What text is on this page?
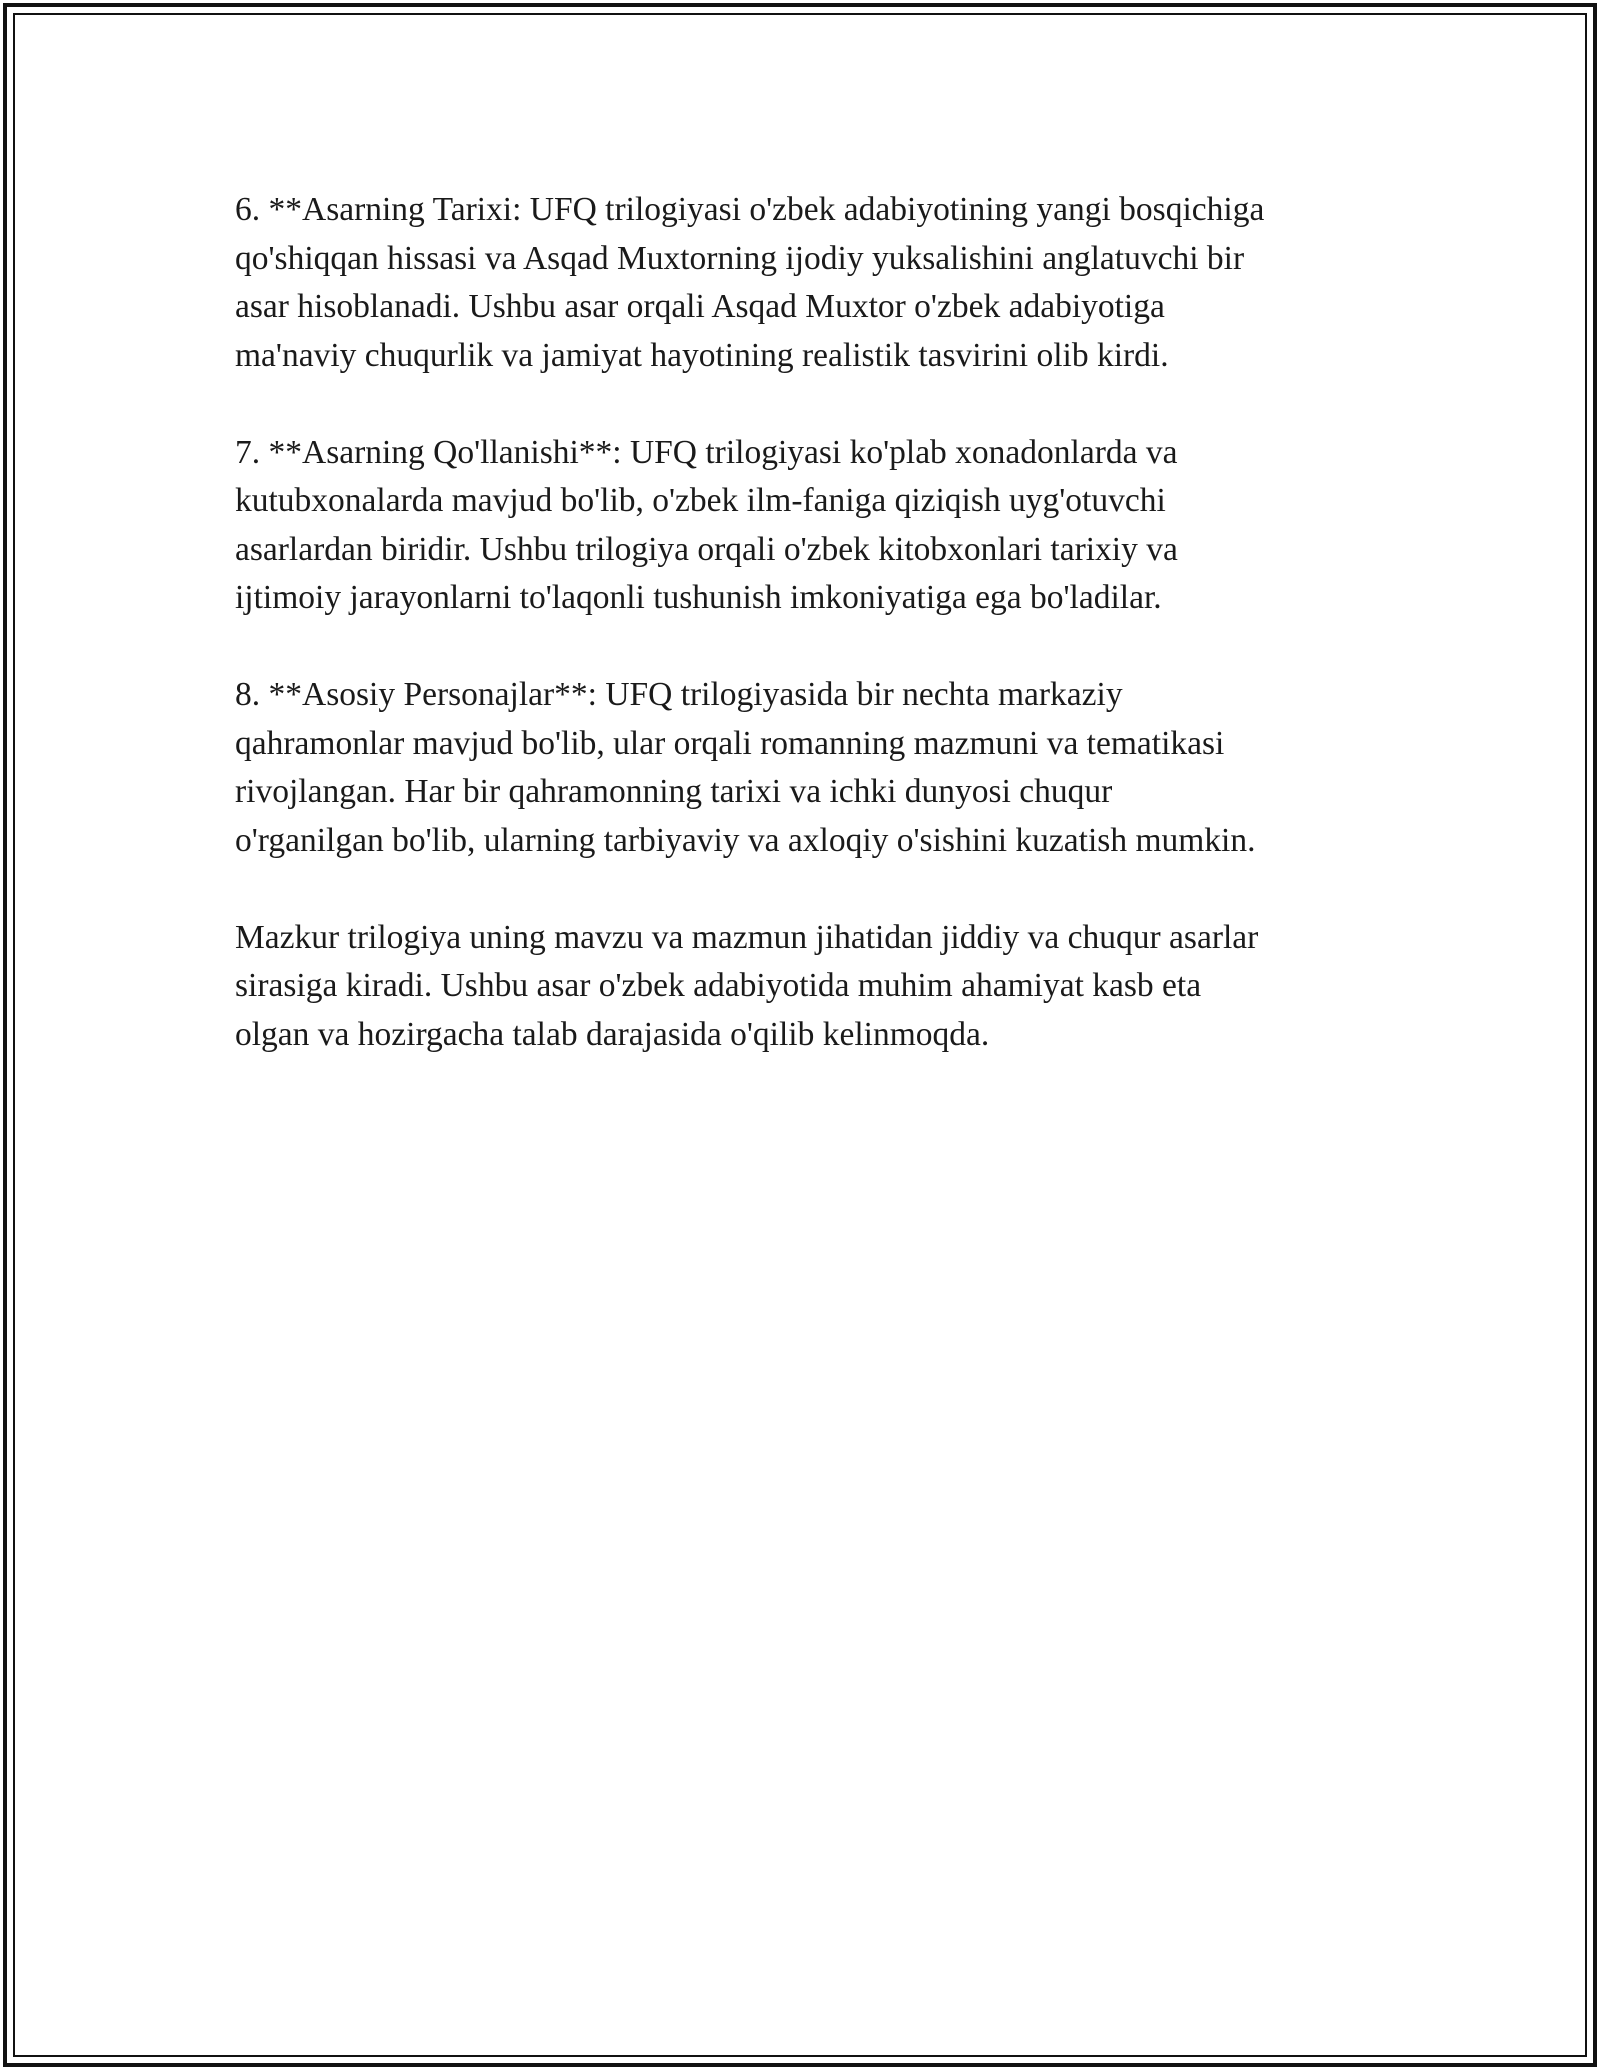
6. **Asarning Tarixi: UFQ trilogiyasi o'zbek adabiyotining yangi bosqichiga
qo'shiqqan hissasi va Asqad Muxtorning ijodiy yuksalishini anglatuvchi bir
asar hisoblanadi. Ushbu asar orqali Asqad Muxtor o'zbek adabiyotiga
ma'naviy chuqurlik va jamiyat hayotining realistik tasvirini olib kirdi.

7. **Asarning Qo'llanishi**: UFQ trilogiyasi ko'plab xonadonlarda va
kutubxonalarda mavjud bo'lib, o'zbek ilm-faniga qiziqish uyg'otuvchi
asarlardan biridir. Ushbu trilogiya orqali o'zbek kitobxonlari tarixiy va
ijtimoiy jarayonlarni to'laqonli tushunish imkoniyatiga ega bo'ladilar.

8. **Asosiy Personajlar**: UFQ trilogiyasida bir nechta markaziy
qahramonlar mavjud bo'lib, ular orqali romanning mazmuni va tematikasi
rivojlangan. Har bir qahramonning tarixi va ichki dunyosi chuqur
o'rganilgan bo'lib, ularning tarbiyaviy va axloqiy o'sishini kuzatish mumkin.

Mazkur trilogiya uning mavzu va mazmun jihatidan jiddiy va chuqur asarlar
sirasiga kiradi. Ushbu asar o'zbek adabiyotida muhim ahamiyat kasb eta
olgan va hozirgacha talab darajasida o'qilib kelinmoqda.
